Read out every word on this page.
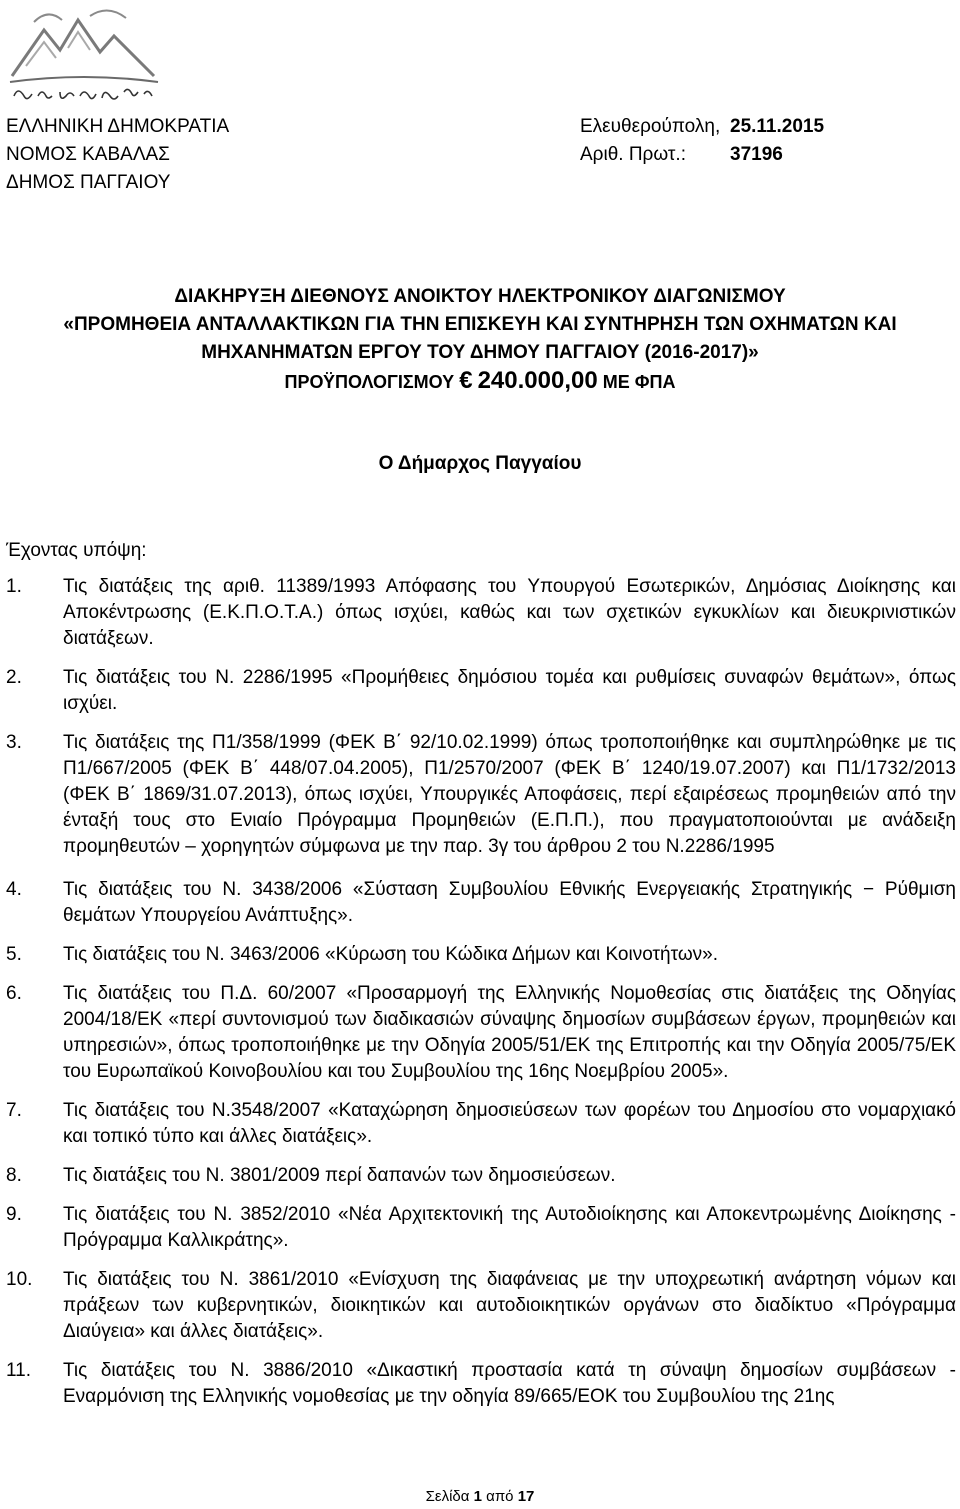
ΕΛΛΗΝΙΚΗ ΔΗΜΟΚΡΑΤΙΑ
ΝΟΜΟΣ ΚΑΒΑΛΑΣ
ΔΗΜΟΣ ΠΑΓΓΑΙΟΥ
Ελευθερούπολη, 25.11.2015
Αριθ. Πρωτ.:	37196
ΔΙΑΚΗΡΥΞΗ ΔΙΕΘΝΟΥΣ ΑΝΟΙΚΤΟΥ ΗΛΕΚΤΡΟΝΙΚΟΥ ΔΙΑΓΩΝΙΣΜΟΥ
«ΠΡΟΜΗΘΕΙΑ ΑΝΤΑΛΛΑΚΤΙΚΩΝ ΓΙΑ ΤΗΝ ΕΠΙΣΚΕΥΗ ΚΑΙ ΣΥΝΤΗΡΗΣΗ ΤΩΝ ΟΧΗΜΑΤΩΝ ΚΑΙ
ΜΗΧΑΝΗΜΑΤΩΝ ΕΡΓΟΥ ΤΟΥ ΔΗΜΟΥ ΠΑΓΓΑΙΟΥ (2016-2017)»
ΠΡΟΫΠΟΛΟΓΙΣΜΟΥ € 240.000,00 ΜΕ ΦΠΑ
Ο Δήμαρχος Παγγαίου
Έχοντας υπόψη:
1.	Τις διατάξεις της αριθ. 11389/1993 Απόφασης του Υπουργού Εσωτερικών, Δημόσιας Διοίκησης και Αποκέντρωσης (Ε.Κ.Π.Ο.Τ.Α.) όπως ισχύει, καθώς και των σχετικών εγκυκλίων και διευκρινιστικών διατάξεων.
2.	Τις διατάξεις του Ν. 2286/1995 «Προμήθειες δημόσιου τομέα και ρυθμίσεις συναφών θεμάτων», όπως ισχύει.
3.	Τις διατάξεις της Π1/358/1999 (ΦΕΚ Β΄ 92/10.02.1999) όπως τροποποιήθηκε και συμπληρώθηκε με τις Π1/667/2005 (ΦΕΚ Β΄ 448/07.04.2005), Π1/2570/2007 (ΦΕΚ Β΄ 1240/19.07.2007) και Π1/1732/2013 (ΦΕΚ Β΄ 1869/31.07.2013), όπως ισχύει, Υπουργικές Αποφάσεις, περί εξαιρέσεως προμηθειών από την ένταξή τους στο Ενιαίο Πρόγραμμα Προμηθειών (Ε.Π.Π.), που πραγματοποιούνται με ανάδειξη προμηθευτών – χορηγητών σύμφωνα με την παρ. 3γ του άρθρου 2 του Ν.2286/1995
4.	Τις διατάξεις του Ν. 3438/2006 «Σύσταση Συμβουλίου Εθνικής Ενεργειακής Στρατηγικής − Ρύθμιση θεμάτων Υπουργείου Ανάπτυξης».
5.	Τις διατάξεις του Ν. 3463/2006 «Κύρωση του Κώδικα Δήμων και Κοινοτήτων».
6.	Τις διατάξεις του Π.Δ. 60/2007 «Προσαρμογή της Ελληνικής Νομοθεσίας στις διατάξεις της Οδηγίας 2004/18/ΕΚ «περί συντονισμού των διαδικασιών σύναψης δημοσίων συμβάσεων έργων, προμηθειών και υπηρεσιών», όπως τροποποιήθηκε με την Οδηγία 2005/51/ΕΚ της Επιτροπής και την Οδηγία 2005/75/ΕΚ του Ευρωπαϊκού Κοινοβουλίου και του Συμβουλίου της 16ης Νοεμβρίου 2005».
7.	Τις διατάξεις του Ν.3548/2007 «Καταχώρηση δημοσιεύσεων των φορέων του Δημοσίου στο νομαρχιακό και τοπικό τύπο και άλλες διατάξεις».
8.	Τις διατάξεις του Ν. 3801/2009 περί δαπανών των δημοσιεύσεων.
9.	Τις διατάξεις του Ν. 3852/2010 «Νέα Αρχιτεκτονική της Αυτοδιοίκησης και Αποκεντρωμένης Διοίκησης - Πρόγραμμα Καλλικράτης».
10.	Τις διατάξεις του Ν. 3861/2010 «Ενίσχυση της διαφάνειας με την υποχρεωτική ανάρτηση νόμων και πράξεων των κυβερνητικών, διοικητικών και αυτοδιοικητικών οργάνων στο διαδίκτυο «Πρόγραμμα Διαύγεια» και άλλες διατάξεις».
11.	Τις διατάξεις του Ν. 3886/2010 «Δικαστική προστασία κατά τη σύναψη δημοσίων συμβάσεων - Εναρμόνιση της Ελληνικής νομοθεσίας με την οδηγία 89/665/ΕΟΚ του Συμβουλίου της 21ης
Σελίδα 1 από 17
